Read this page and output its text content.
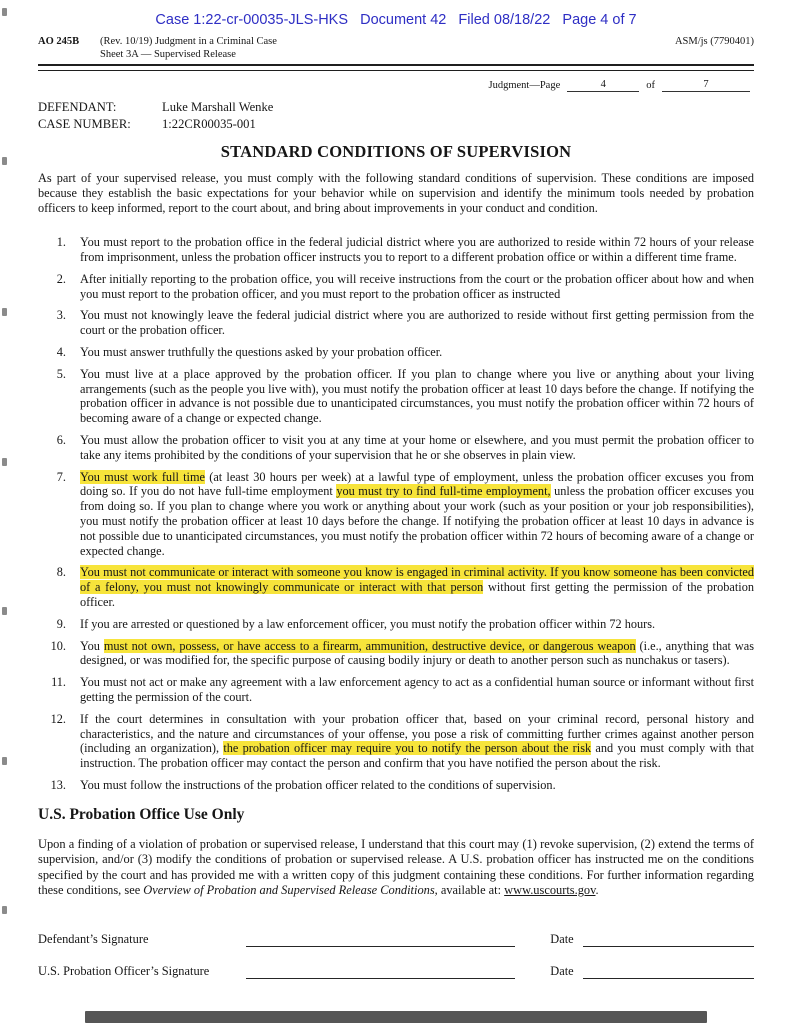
Case 1:22-cr-00035-JLS-HKS   Document 42   Filed 08/18/22   Page 4 of 7
AO 245B	(Rev. 10/19) Judgment in a Criminal Case
Sheet 3A — Supervised Release
ASM/js (7790401)
Judgment—Page	4	of	7
DEFENDANT:	Luke Marshall Wenke
CASE NUMBER:	1:22CR00035-001
STANDARD CONDITIONS OF SUPERVISION
As part of your supervised release, you must comply with the following standard conditions of supervision. These conditions are imposed because they establish the basic expectations for your behavior while on supervision and identify the minimum tools needed by probation officers to keep informed, report to the court about, and bring about improvements in your conduct and condition.
1. You must report to the probation office in the federal judicial district where you are authorized to reside within 72 hours of your release from imprisonment, unless the probation officer instructs you to report to a different probation office or within a different time frame.
2. After initially reporting to the probation office, you will receive instructions from the court or the probation officer about how and when you must report to the probation officer, and you must report to the probation officer as instructed
3. You must not knowingly leave the federal judicial district where you are authorized to reside without first getting permission from the court or the probation officer.
4. You must answer truthfully the questions asked by your probation officer.
5. You must live at a place approved by the probation officer. If you plan to change where you live or anything about your living arrangements (such as the people you live with), you must notify the probation officer at least 10 days before the change. If notifying the probation officer in advance is not possible due to unanticipated circumstances, you must notify the probation officer within 72 hours of becoming aware of a change or expected change.
6. You must allow the probation officer to visit you at any time at your home or elsewhere, and you must permit the probation officer to take any items prohibited by the conditions of your supervision that he or she observes in plain view.
7. You must work full time (at least 30 hours per week) at a lawful type of employment, unless the probation officer excuses you from doing so. If you do not have full-time employment you must try to find full-time employment, unless the probation officer excuses you from doing so. If you plan to change where you work or anything about your work (such as your position or your job responsibilities), you must notify the probation officer at least 10 days before the change. If notifying the probation officer at least 10 days in advance is not possible due to unanticipated circumstances, you must notify the probation officer within 72 hours of becoming aware of a change or expected change.
8. You must not communicate or interact with someone you know is engaged in criminal activity. If you know someone has been convicted of a felony, you must not knowingly communicate or interact with that person without first getting the permission of the probation officer.
9. If you are arrested or questioned by a law enforcement officer, you must notify the probation officer within 72 hours.
10. You must not own, possess, or have access to a firearm, ammunition, destructive device, or dangerous weapon (i.e., anything that was designed, or was modified for, the specific purpose of causing bodily injury or death to another person such as nunchakus or tasers).
11. You must not act or make any agreement with a law enforcement agency to act as a confidential human source or informant without first getting the permission of the court.
12. If the court determines in consultation with your probation officer that, based on your criminal record, personal history and characteristics, and the nature and circumstances of your offense, you pose a risk of committing further crimes against another person (including an organization), the probation officer may require you to notify the person about the risk and you must comply with that instruction. The probation officer may contact the person and confirm that you have notified the person about the risk.
13. You must follow the instructions of the probation officer related to the conditions of supervision.
U.S. Probation Office Use Only
Upon a finding of a violation of probation or supervised release, I understand that this court may (1) revoke supervision, (2) extend the terms of supervision, and/or (3) modify the conditions of probation or supervised release. A U.S. probation officer has instructed me on the conditions specified by the court and has provided me with a written copy of this judgment containing these conditions. For further information regarding these conditions, see Overview of Probation and Supervised Release Conditions, available at: www.uscourts.gov.
Defendant’s Signature	Date
U.S. Probation Officer’s Signature	Date
